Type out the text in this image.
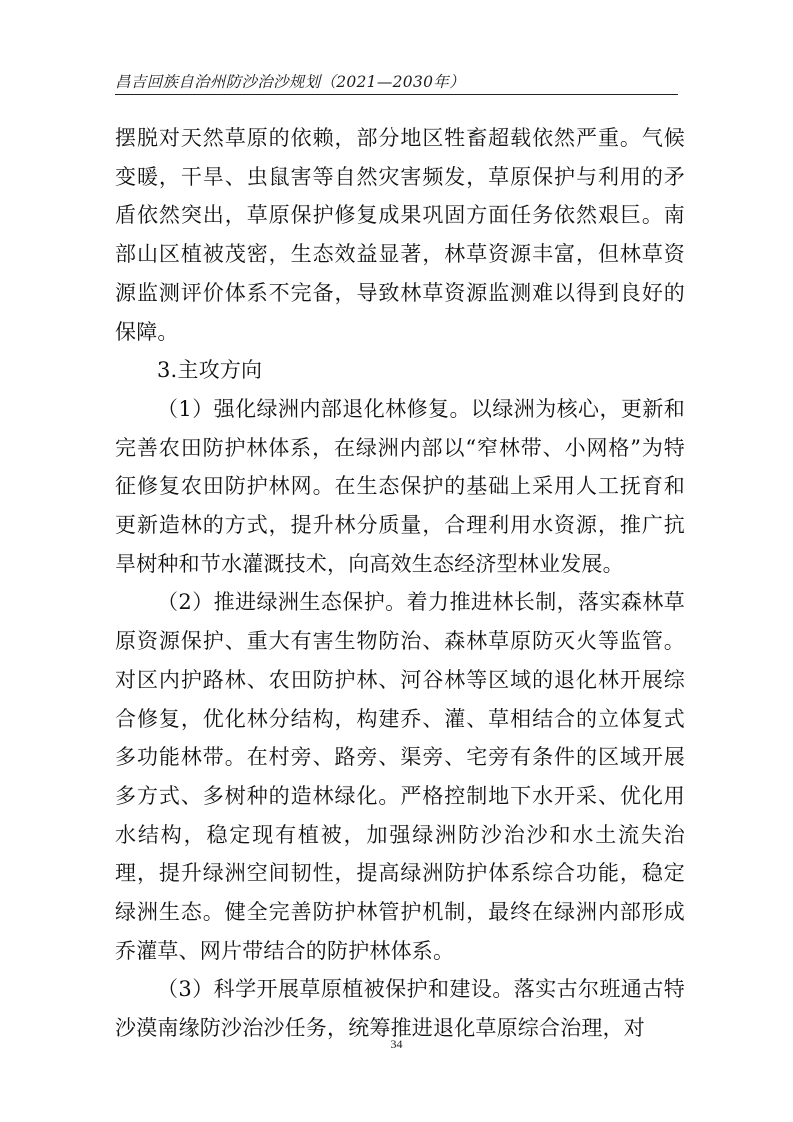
昌吉回族自治州防沙治沙规划（2021—2030年）

摆脱对天然草原的依赖，部分地区牲畜超载依然严重。气候变暖，干旱、虫鼠害等自然灾害频发，草原保护与利用的矛盾依然突出，草原保护修复成果巩固方面任务依然艰巨。南部山区植被茂密，生态效益显著，林草资源丰富，但林草资源监测评价体系不完备，导致林草资源监测难以得到良好的保障。

3.主攻方向

（1）强化绿洲内部退化林修复。以绿洲为核心，更新和完善农田防护林体系，在绿洲内部以“窄林带、小网格”为特征修复农田防护林网。在生态保护的基础上采用人工抚育和更新造林的方式，提升林分质量，合理利用水资源，推广抗旱树种和节水灌溉技术，向高效生态经济型林业发展。

（2）推进绿洲生态保护。着力推进林长制，落实森林草原资源保护、重大有害生物防治、森林草原防灭火等监管。对区内护路林、农田防护林、河谷林等区域的退化林开展综合修复，优化林分结构，构建乔、灌、草相结合的立体复式多功能林带。在村旁、路旁、渠旁、宅旁有条件的区域开展多方式、多树种的造林绿化。严格控制地下水开采、优化用水结构，稳定现有植被，加强绿洲防沙治沙和水土流失治理，提升绿洲空间韧性，提高绿洲防护体系综合功能，稳定绿洲生态。健全完善防护林管护机制，最终在绿洲内部形成乔灌草、网片带结合的防护林体系。

（3）科学开展草原植被保护和建设。落实古尔班通古特沙漠南缘防沙治沙任务，统筹推进退化草原综合治理，对

34
